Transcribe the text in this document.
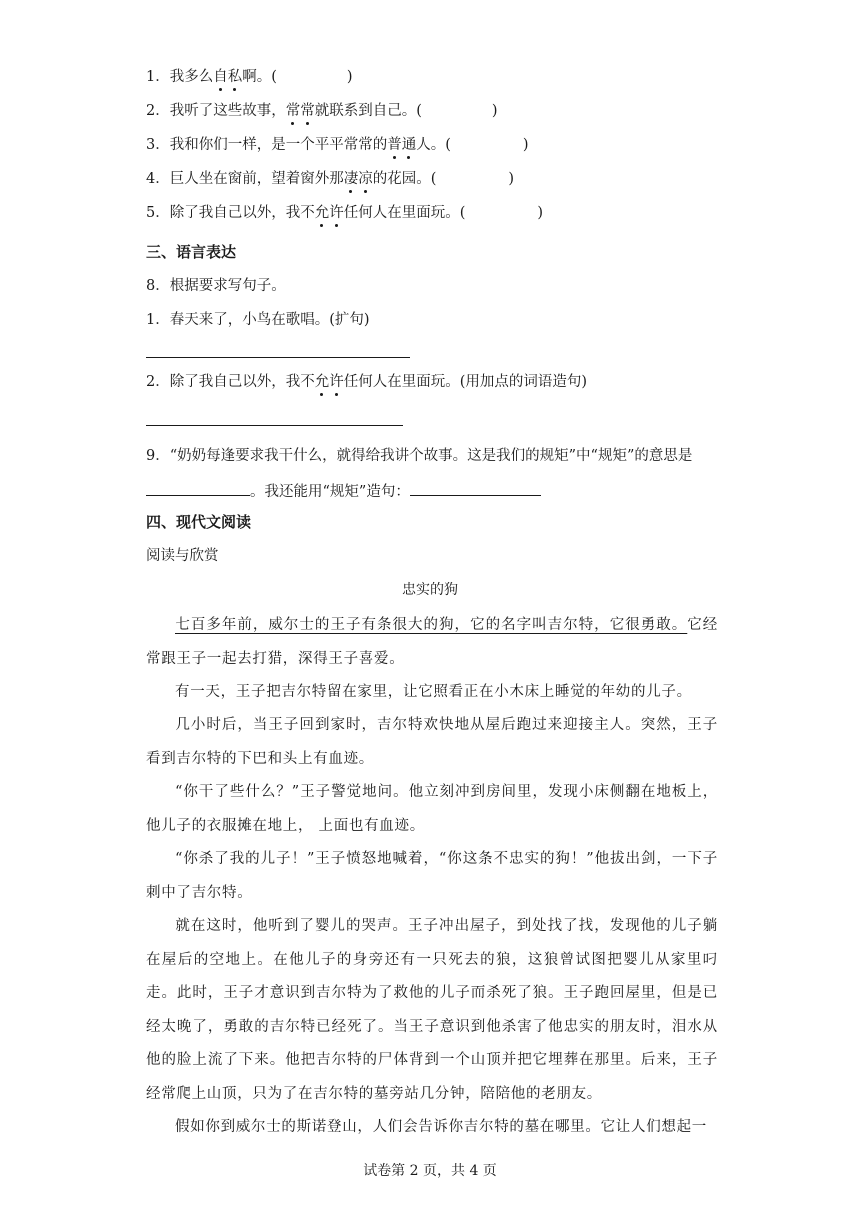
1．我多么自私啊。(	)
2．我听了这些故事，常常就联系到自己。(	)
3．我和你们一样，是一个平平常常的普通人。(	)
4．巨人坐在窗前，望着窗外那凄凉的花园。(	)
5．除了我自己以外，我不允许任何人在里面玩。(	)
三、语言表达
8．根据要求写句子。
1．春天来了，小鸟在歌唱。(扩句)
2．除了我自己以外，我不允许任何人在里面玩。(用加点的词语造句)
9．“奶奶每逢要求我干什么，就得给我讲个故事。这是我们的规矩”中“规矩”的意思是
。我还能用“规矩”造句：
四、现代文阅读
阅读与欣赏
忠实的狗
七百多年前，威尔士的王子有条很大的狗，它的名字叫吉尔特，它很勇敢。它经常跟王子一起去打猎，深得王子喜爱。
有一天，王子把吉尔特留在家里，让它照看正在小木床上睡觉的年幼的儿子。
几小时后，当王子回到家时，吉尔特欢快地从屋后跑过来迎接主人。突然，王子看到吉尔特的下巴和头上有血迹。
“你干了些什么？”王子警觉地问。他立刻冲到房间里，发现小床侧翻在地板上，他儿子的衣服摊在地上， 上面也有血迹。
“你杀了我的儿子！”王子愤怒地喊着，“你这条不忠实的狗！”他拔出剑，一下子刺中了吉尔特。
就在这时，他听到了婴儿的哭声。王子冲出屋子，到处找了找，发现他的儿子躺在屋后的空地上。在他儿子的身旁还有一只死去的狼，这狼曾试图把婴儿从家里叼走。此时，王子才意识到吉尔特为了救他的儿子而杀死了狼。王子跑回屋里，但是已经太晚了，勇敢的吉尔特已经死了。当王子意识到他杀害了他忠实的朋友时，泪水从他的脸上流了下来。他把吉尔特的尸体背到一个山顶并把它埋葬在那里。后来，王子经常爬上山顶，只为了在吉尔特的墓旁站几分钟，陪陪他的老朋友。
假如你到威尔士的斯诺登山，人们会告诉你吉尔特的墓在哪里。它让人们想起一
试卷第 2 页，共 4 页
